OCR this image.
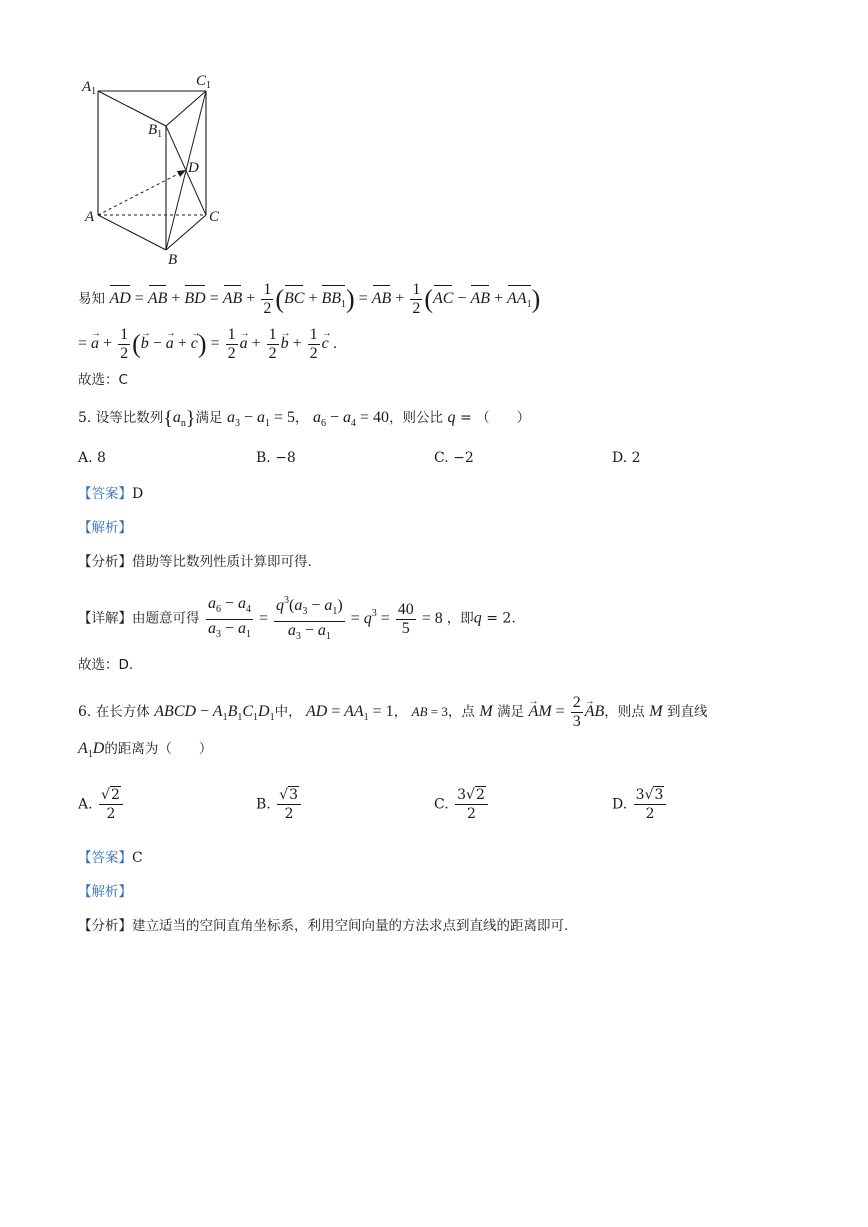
$A_1$
$C_1$
$B_1$
D
A	C
B
易知 AD = AB + BD = AB + $\frac{1}{2} (BC + BB_1)$ = AB + $\frac{1}{2} (AC$ − AB + $AA_1$)
= → $a + \frac{1}{2}$ (→ b − → a + → $c) = \frac{1}{2}$
→ $a + \frac{1}{2}$
→ $b + \frac{1}{2}$
→ c .
故选：C
5. 设等比数列$\{a_n\}$满足 $a_3 - a_1 = 5$， $a_6 - a_4 = 40$，则公比 q = （　　）
A. 8	B. −8	C. −2	D. 2
【答案】D
【解析】
【分析】借助等比数列性质计算即可得.
【详解】由题意可得 $\frac{a_6 - a_4}{a_3 - a_1} = \frac{q^3(a_3 - a_1)}{a_3 - a_1} = q^3 = \frac{40}{5} = 8$ ，即q = 2.
故选：D.
6. 在长方体 ABCD − $A_1B_1C_1D_1$中， AD = $AA_1 = 1$， AB = 3，点 M 满足 → AM = $\frac{2}{3}$
→ AB，则点 M 到直线
$A_1D$的距离为（　　）
A. $\frac{√2}{2}$	B. $\frac{√3}{2}$	C. $\frac{3√2}{2}$	D. $\frac{3√3}{2}$
【答案】C
【解析】
【分析】建立适当的空间直角坐标系，利用空间向量的方法求点到直线的距离即可.
